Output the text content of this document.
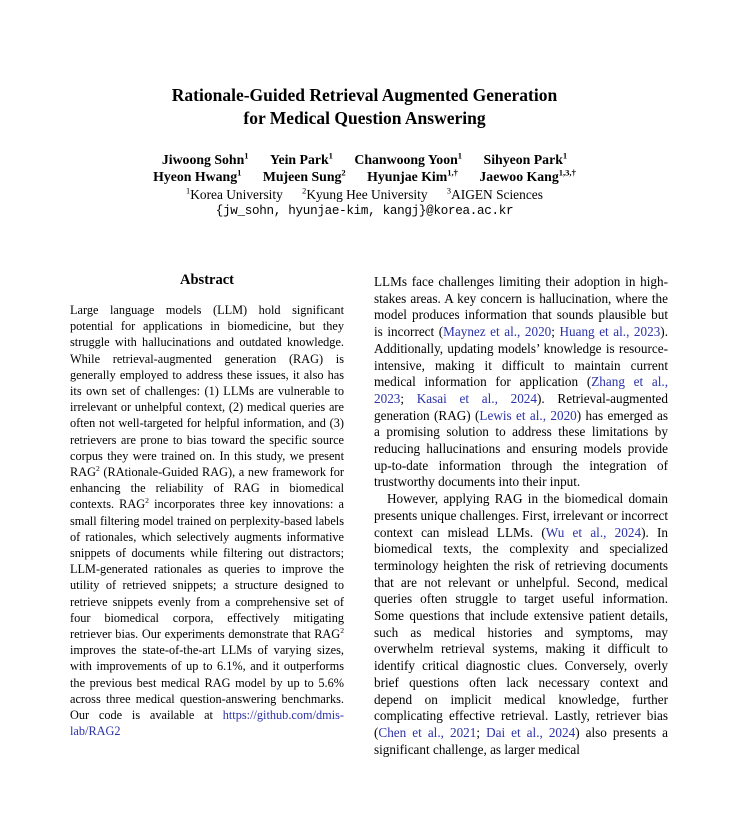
Rationale-Guided Retrieval Augmented Generation
for Medical Question Answering
Jiwoong Sohn$^1$ Yein Park$^1$ Chanwoong Yoon$^1$ Sihyeon Park$^1$
Hyeon Hwang$^1$ Mujeen Sung$^2$ Hyunjae Kim$^{1,\dagger}$ Jaewoo Kang$^{1,3,\dagger}$
$^1$Korea University $^2$Kyung Hee University $^3$AIGEN Sciences
{jw_sohn, hyunjae-kim, kangj}@korea.ac.kr
Abstract

Large language models (LLM) hold significant potential for applications in biomedicine, but they struggle with hallucinations and outdated knowledge. While retrieval-augmented generation (RAG) is generally employed to address these issues, it also has its own set of challenges: (1) LLMs are vulnerable to irrelevant or unhelpful context, (2) medical queries are often not well-targeted for helpful information, and (3) retrievers are prone to bias toward the specific source corpus they were trained on. In this study, we present RAG$^2$ (RAtionale-Guided RAG), a new framework for enhancing the reliability of RAG in biomedical contexts. RAG$^2$ incorporates three key innovations: a small filtering model trained on perplexity-based labels of rationales, which selectively augments informative snippets of documents while filtering out distractors; LLM-generated rationales as queries to improve the utility of retrieved snippets; a structure designed to retrieve snippets evenly from a comprehensive set of four biomedical corpora, effectively mitigating retriever bias. Our experiments demonstrate that RAG$^2$ improves the state-of-the-art LLMs of varying sizes, with improvements of up to 6.1%, and it outperforms the previous best medical RAG model by up to 5.6% across three medical question-answering benchmarks. Our code is available at https://github.com/dmis-lab/RAG2

LLMs face challenges limiting their adoption in high-stakes areas. A key concern is hallucination, where the model produces information that sounds plausible but is incorrect (Maynez et al., 2020; Huang et al., 2023). Additionally, updating models’ knowledge is resource-intensive, making it difficult to maintain current medical information for application (Zhang et al., 2023; Kasai et al., 2024). Retrieval-augmented generation (RAG) (Lewis et al., 2020) has emerged as a promising solution to address these limitations by reducing hallucinations and ensuring models provide up-to-date information through the integration of trustworthy documents into their input.

However, applying RAG in the biomedical domain presents unique challenges. First, irrelevant or incorrect context can mislead LLMs. (Wu et al., 2024). In biomedical texts, the complexity and specialized terminology heighten the risk of retrieving documents that are not relevant or unhelpful. Second, medical queries often struggle to target useful information. Some questions that include extensive patient details, such as medical histories and symptoms, may overwhelm retrieval systems, making it difficult to identify critical diagnostic clues. Conversely, overly brief questions often lack necessary context and depend on implicit medical knowledge, further complicating effective retrieval. Lastly, retriever bias (Chen et al., 2021; Dai et al., 2024) also presents a significant challenge, as larger medical
